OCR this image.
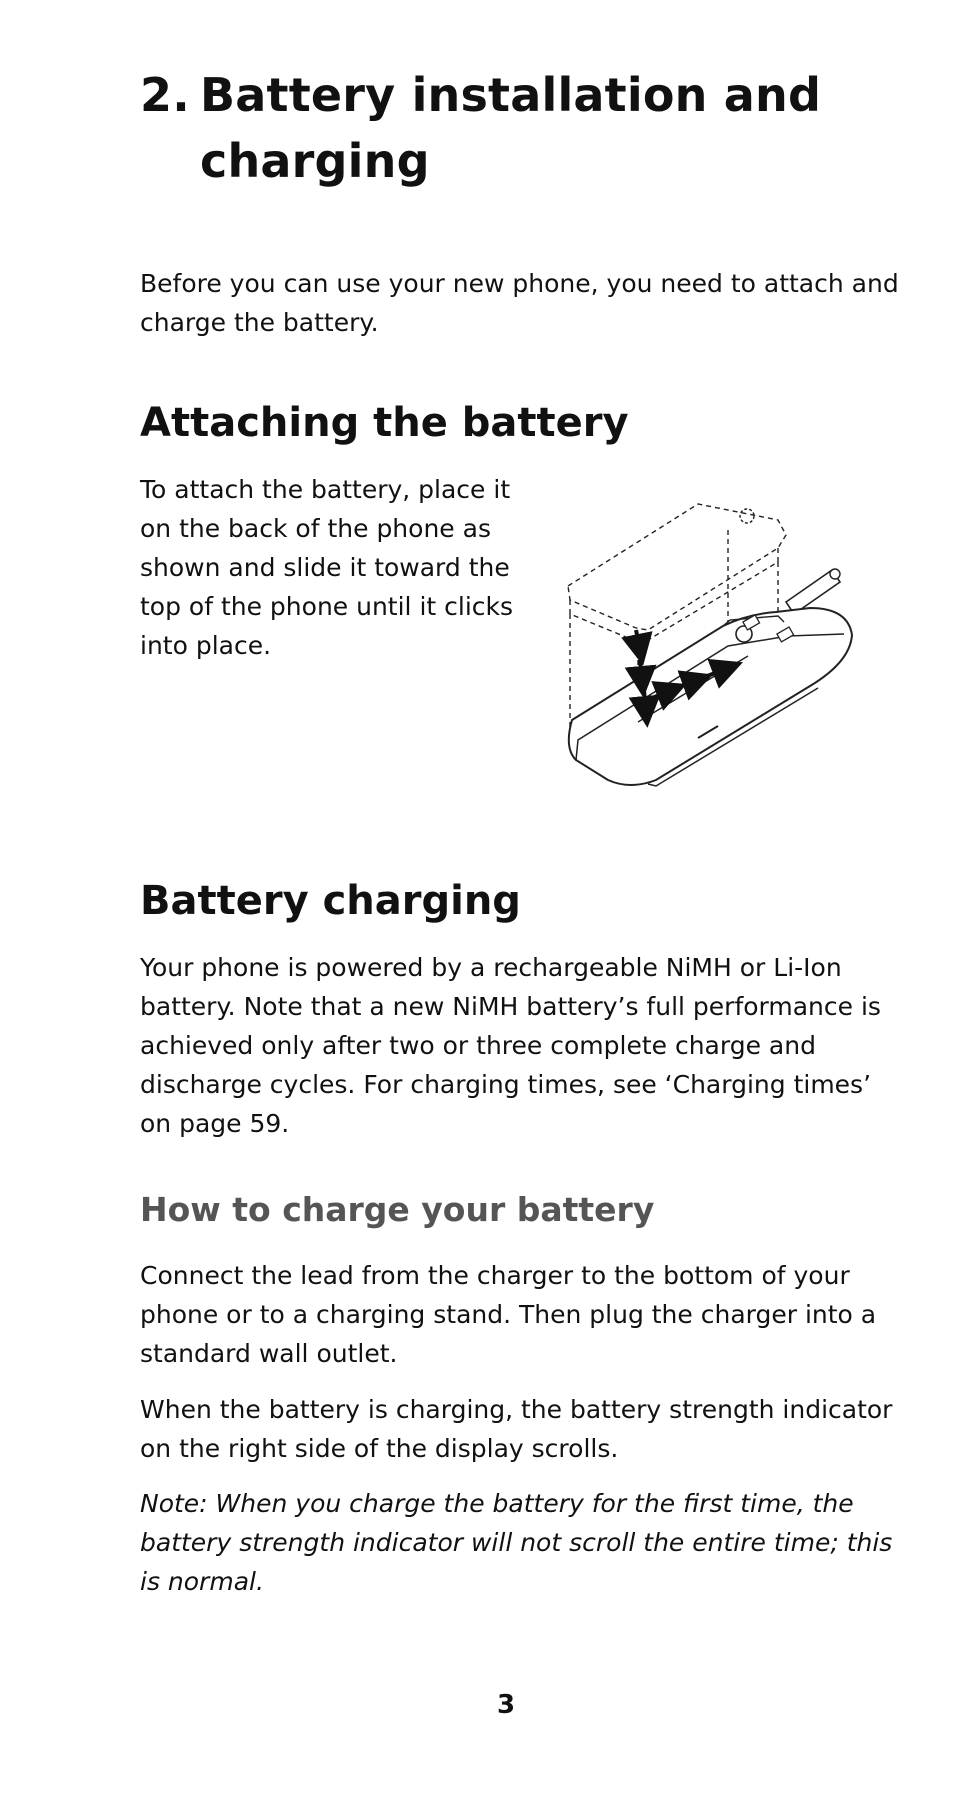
2. Battery installation and charging
Before you can use your new phone, you need to attach and charge the battery.
Attaching the battery
To attach the battery, place it on the back of the phone as shown and slide it toward the top of the phone until it clicks into place.
Battery charging
Your phone is powered by a rechargeable NiMH or Li-Ion battery. Note that a new NiMH battery’s full performance is achieved only after two or three complete charge and discharge cycles. For charging times, see ‘Charging times’ on page 59.
How to charge your battery
Connect the lead from the charger to the bottom of your phone or to a charging stand. Then plug the charger into a standard wall outlet.
When the battery is charging, the battery strength indicator on the right side of the display scrolls.
Note: When you charge the battery for the first time, the battery strength indicator will not scroll the entire time; this is normal.
3
